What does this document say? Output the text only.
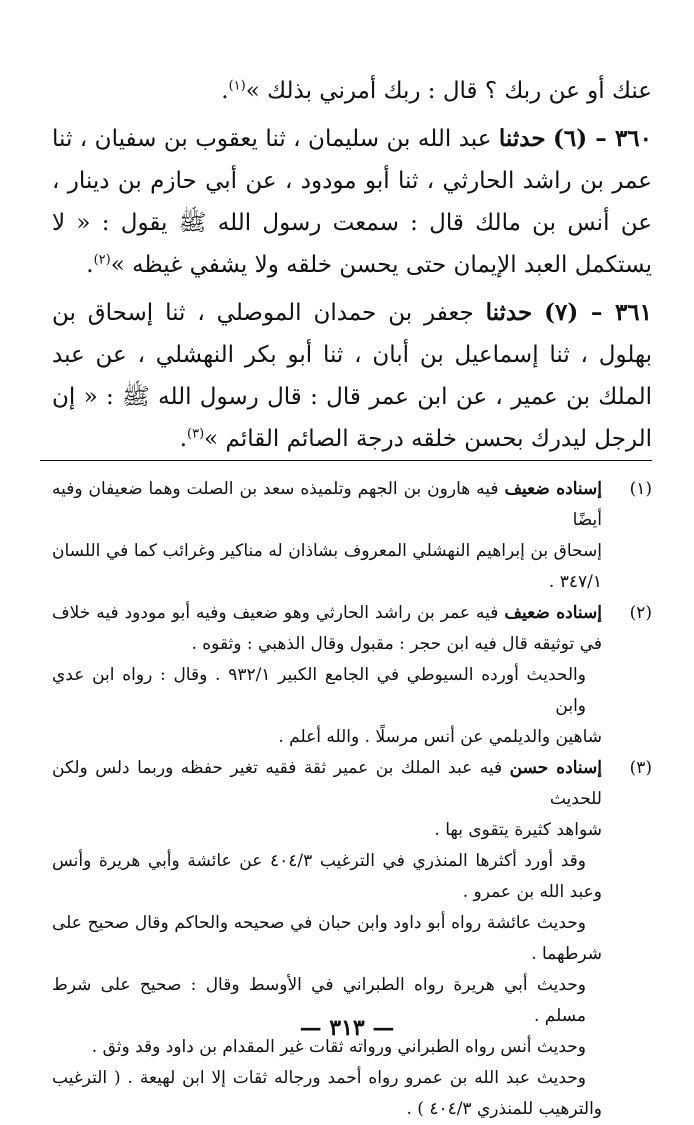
عنك أو عن ربك ؟ قال : ربك أمرني بذلك »$^{(١)}$.

٣٦٠ – (٦) حدثنا عبد الله بن سليمان ، ثنا يعقوب بن سفيان ، ثنا عمر بن راشد الحارثي ، ثنا أبو مودود ، عن أبي حازم بن دينار ، عن أنس بن مالك قال : سمعت رسول الله ﷺ يقول : « لا يستكمل العبد الإيمان حتى يحسن خلقه ولا يشفي غيظه »$^{(٢)}$.

٣٦١ – (٧) حدثنا جعفر بن حمدان الموصلي ، ثنا إسحاق بن بهلول ، ثنا إسماعيل بن أبان ، ثنا أبو بكر النهشلي ، عن عبد الملك بن عمير ، عن ابن عمر قال : قال رسول الله ﷺ : « إن الرجل ليدرك بحسن خلقه درجة الصائم القائم »$^{(٣)}$.

(١)
إسناده ضعيف فيه هارون بن الجهم وتلميذه سعد بن الصلت وهما ضعيفان وفيه أيضًا
إسحاق بن إبراهيم النهشلي المعروف بشاذان له مناكير وغرائب كما في اللسان ٣٤٧/١ .
(٢)
إسناده ضعيف فيه عمر بن راشد الحارثي وهو ضعيف وفيه أبو مودود فيه خلاف
في توثيقه قال فيه ابن حجر : مقبول وقال الذهبي : وثقوه .
والحديث أورده السيوطي في الجامع الكبير ٩٣٢/١ . وقال : رواه ابن عدي وابن
شاهين والديلمي عن أنس مرسلًا . والله أعلم .
(٣)
إسناده حسن فيه عبد الملك بن عمير ثقة فقيه تغير حفظه وربما دلس ولكن للحديث
شواهد كثيرة يتقوى بها .
وقد أورد أكثرها المنذري في الترغيب ٤٠٤/٣ عن عائشة وأبي هريرة وأنس
وعبد الله بن عمرو .
وحديث عائشة رواه أبو داود وابن حبان في صحيحه والحاكم وقال صحيح على
شرطهما .
وحديث أبي هريرة رواه الطبراني في الأوسط وقال : صحيح على شرط مسلم .
وحديث أنس رواه الطبراني ورواته ثقات غير المقدام بن داود وقد وثق .
وحديث عبد الله بن عمرو رواه أحمد ورجاله ثقات إلا ابن لهيعة . ( الترغيب
والترهيب للمنذري ٤٠٤/٣ ) .
— ٣١٣ —
